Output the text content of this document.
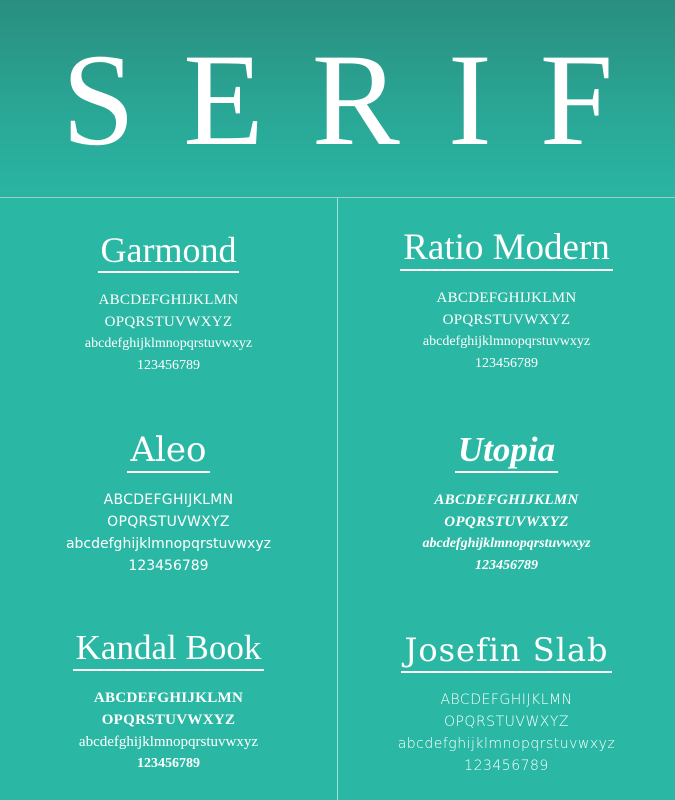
SERIF
Garmond
ABCDEFGHIJKLMN
OPQRSTUVWXYZ
abcdefghijklmnopqrstuvwxyz
123456789
Ratio Modern
ABCDEFGHIJKLMN
OPQRSTUVWXYZ
abcdefghijklmnopqrstuvwxyz
123456789
Aleo
ABCDEFGHIJKLMN
OPQRSTUVWXYZ
abcdefghijklmnopqrstuvwxyz
123456789
Utopia
ABCDEFGHIJKLMN
OPQRSTUVWXYZ
abcdefghijklmnopqrstuvwxyz
123456789
Kandal Book
ABCDEFGHIJKLMN
OPQRSTUVWXYZ
abcdefghijklmnopqrstuvwxyz
123456789
Josefin Slab
ABCDEFGHIJKLMN
OPQRSTUVWXYZ
abcdefghijklmnopqrstuvwxyz
123456789
